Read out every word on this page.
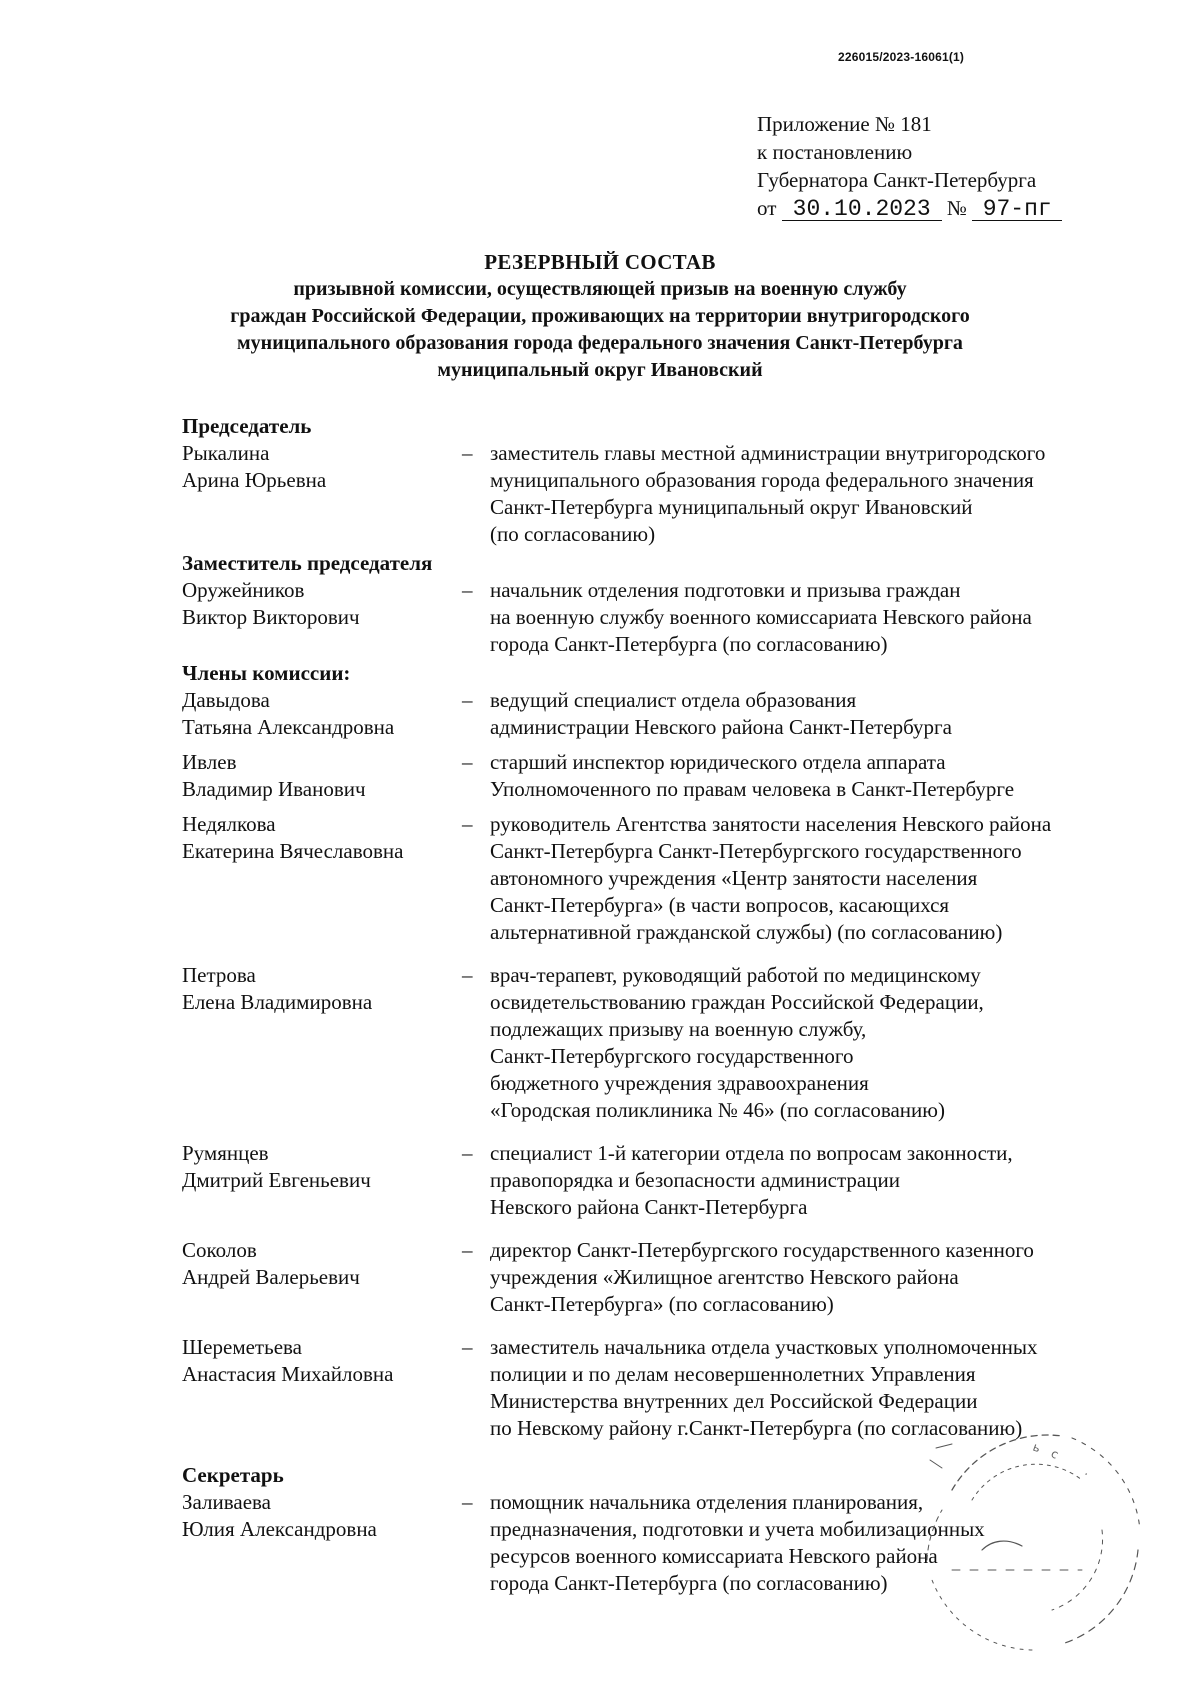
226015/2023-16061(1)
Приложение № 181
к постановлению
Губернатора Санкт-Петербурга
от 30.10.2023 № 97-пг
РЕЗЕРВНЫЙ СОСТАВ
призывной комиссии, осуществляющей призыв на военную службу
граждан Российской Федерации, проживающих на территории внутригородского
муниципального образования города федерального значения Санкт-Петербурга
муниципальный округ Ивановский
Председатель
Рыкалина
Арина Юрьевна
– заместитель главы местной администрации внутригородского
муниципального образования города федерального значения
Санкт-Петербурга муниципальный округ Ивановский
(по согласованию)
Заместитель председателя
Оружейников
Виктор Викторович
– начальник отделения подготовки и призыва граждан
на военную службу военного комиссариата Невского района
города Санкт-Петербурга (по согласованию)
Члены комиссии:
Давыдова
Татьяна Александровна
– ведущий специалист отдела образования
администрации Невского района Санкт-Петербурга
Ивлев
Владимир Иванович
– старший инспектор юридического отдела аппарата
Уполномоченного по правам человека в Санкт-Петербурге
Недялкова
Екатерина Вячеславовна
– руководитель Агентства занятости населения Невского района
Санкт-Петербурга Санкт-Петербургского государственного
автономного учреждения «Центр занятости населения
Санкт-Петербурга» (в части вопросов, касающихся
альтернативной гражданской службы) (по согласованию)
Петрова
Елена Владимировна
– врач-терапевт, руководящий работой по медицинскому
освидетельствованию граждан Российской Федерации,
подлежащих призыву на военную службу,
Санкт-Петербургского государственного
бюджетного учреждения здравоохранения
«Городская поликлиника № 46» (по согласованию)
Румянцев
Дмитрий Евгеньевич
– специалист 1-й категории отдела по вопросам законности,
правопорядка и безопасности администрации
Невского района Санкт-Петербурга
Соколов
Андрей Валерьевич
– директор Санкт-Петербургского государственного казенного
учреждения «Жилищное агентство Невского района
Санкт-Петербурга» (по согласованию)
Шереметьева
Анастасия Михайловна
– заместитель начальника отдела участковых уполномоченных
полиции и по делам несовершеннолетних Управления
Министерства внутренних дел Российской Федерации
по Невскому району г.Санкт-Петербурга (по согласованию)
Секретарь
Заливаева
Юлия Александровна
– помощник начальника отделения планирования,
предназначения, подготовки и учета мобилизационных
ресурсов военного комиссариата Невского района
города Санкт-Петербурга (по согласованию)
ь с
·
